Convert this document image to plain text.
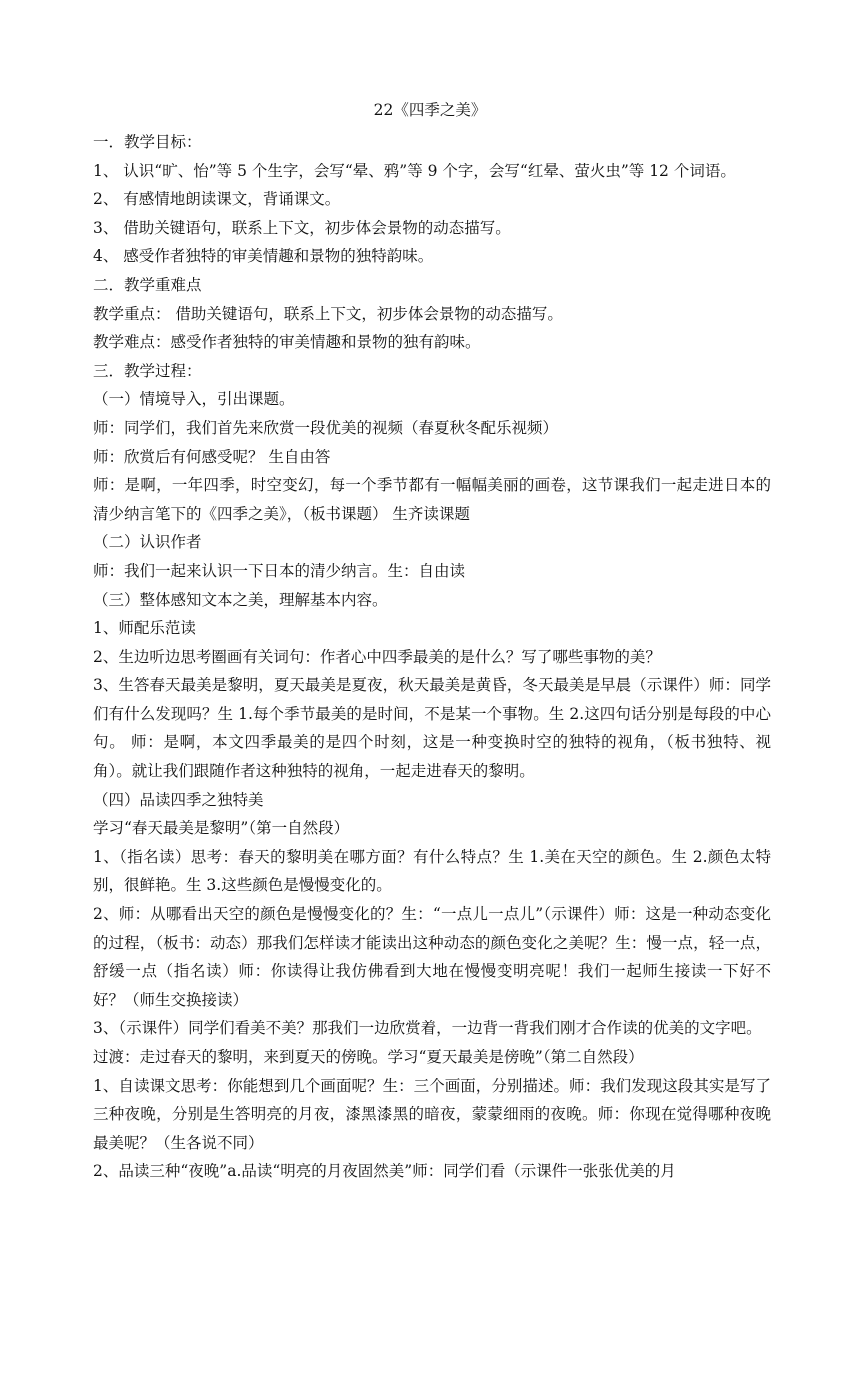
22《四季之美》

一．教学目标：

1、 认识“旷、怡”等 5 个生字，会写“晕、鸦”等 9 个字，会写“红晕、萤火虫”等 12 个词语。

2、 有感情地朗读课文，背诵课文。

3、 借助关键语句，联系上下文，初步体会景物的动态描写。

4、 感受作者独特的审美情趣和景物的独特韵味。

二．教学重难点

教学重点： 借助关键语句，联系上下文，初步体会景物的动态描写。

教学难点：感受作者独特的审美情趣和景物的独有韵味。

三．教学过程：

（一）情境导入，引出课题。

师：同学们，我们首先来欣赏一段优美的视频（春夏秋冬配乐视频）

师：欣赏后有何感受呢？ 生自由答

师：是啊，一年四季，时空变幻，每一个季节都有一幅幅美丽的画卷，这节课我们一起走进日本的清少纳言笔下的《四季之美》，（板书课题） 生齐读课题

（二）认识作者

师：我们一起来认识一下日本的清少纳言。生：自由读

（三）整体感知文本之美，理解基本内容。

1、师配乐范读

2、生边听边思考圈画有关词句：作者心中四季最美的是什么？写了哪些事物的美？

3、生答春天最美是黎明，夏天最美是夏夜，秋天最美是黄昏，冬天最美是早晨（示课件）师：同学们有什么发现吗？生 1.每个季节最美的是时间，不是某一个事物。生 2.这四句话分别是每段的中心句。 师：是啊，本文四季最美的是四个时刻，这是一种变换时空的独特的视角，（板书独特、视角）。就让我们跟随作者这种独特的视角，一起走进春天的黎明。

（四）品读四季之独特美

学习“春天最美是黎明”（第一自然段）

1、（指名读）思考：春天的黎明美在哪方面？有什么特点？生 1.美在天空的颜色。生 2.颜色太特别，很鲜艳。生 3.这些颜色是慢慢变化的。

2、师：从哪看出天空的颜色是慢慢变化的？生：“一点儿一点儿”（示课件）师：这是一种动态变化的过程，（板书：动态）那我们怎样读才能读出这种动态的颜色变化之美呢？生：慢一点，轻一点，舒缓一点（指名读）师：你读得让我仿佛看到大地在慢慢变明亮呢！我们一起师生接读一下好不好？（师生交换接读）

3、（示课件）同学们看美不美？那我们一边欣赏着，一边背一背我们刚才合作读的优美的文字吧。

过渡：走过春天的黎明，来到夏天的傍晚。学习“夏天最美是傍晚”（第二自然段）

1、自读课文思考：你能想到几个画面呢？生：三个画面，分别描述。师：我们发现这段其实是写了三种夜晚，分别是生答明亮的月夜，漆黑漆黑的暗夜，蒙蒙细雨的夜晚。师：你现在觉得哪种夜晚最美呢？（生各说不同）

2、品读三种“夜晚”a.品读“明亮的月夜固然美”师：同学们看（示课件一张张优美的月
